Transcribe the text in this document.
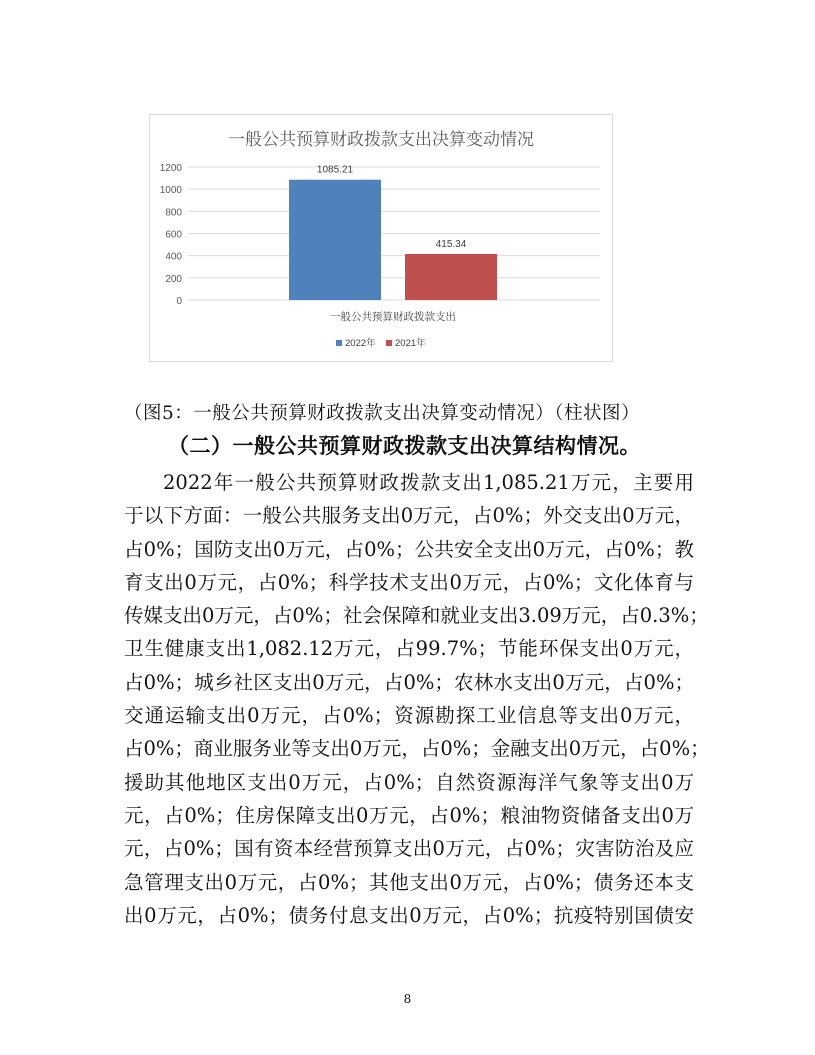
一般公共预算财政拨款支出决算变动情况
1200
1000
800
600
400
200
0
1085.21
415.34
一般公共预算财政拨款支出
2022年 2021年
（图5：一般公共预算财政拨款支出决算变动情况）（柱状图）
（二）一般公共预算财政拨款支出决算结构情况。
2022年一般公共预算财政拨款支出1,085.21万元，主要用
于以下方面：一般公共服务支出0万元，占0%；外交支出0万元，
占0%；国防支出0万元，占0%；公共安全支出0万元，占0%；教
育支出0万元，占0%；科学技术支出0万元，占0%；文化体育与
传媒支出0万元，占0%；社会保障和就业支出3.09万元，占0.3%；
卫生健康支出1,082.12万元，占99.7%；节能环保支出0万元，
占0%；城乡社区支出0万元，占0%；农林水支出0万元，占0%；
交通运输支出0万元，占0%；资源勘探工业信息等支出0万元，
占0%；商业服务业等支出0万元，占0%；金融支出0万元，占0%；
援助其他地区支出0万元，占0%；自然资源海洋气象等支出0万
元，占0%；住房保障支出0万元，占0%；粮油物资储备支出0万
元，占0%；国有资本经营预算支出0万元，占0%；灾害防治及应
急管理支出0万元，占0%；其他支出0万元，占0%；债务还本支
出0万元，占0%；债务付息支出0万元，占0%；抗疫特别国债安
8
